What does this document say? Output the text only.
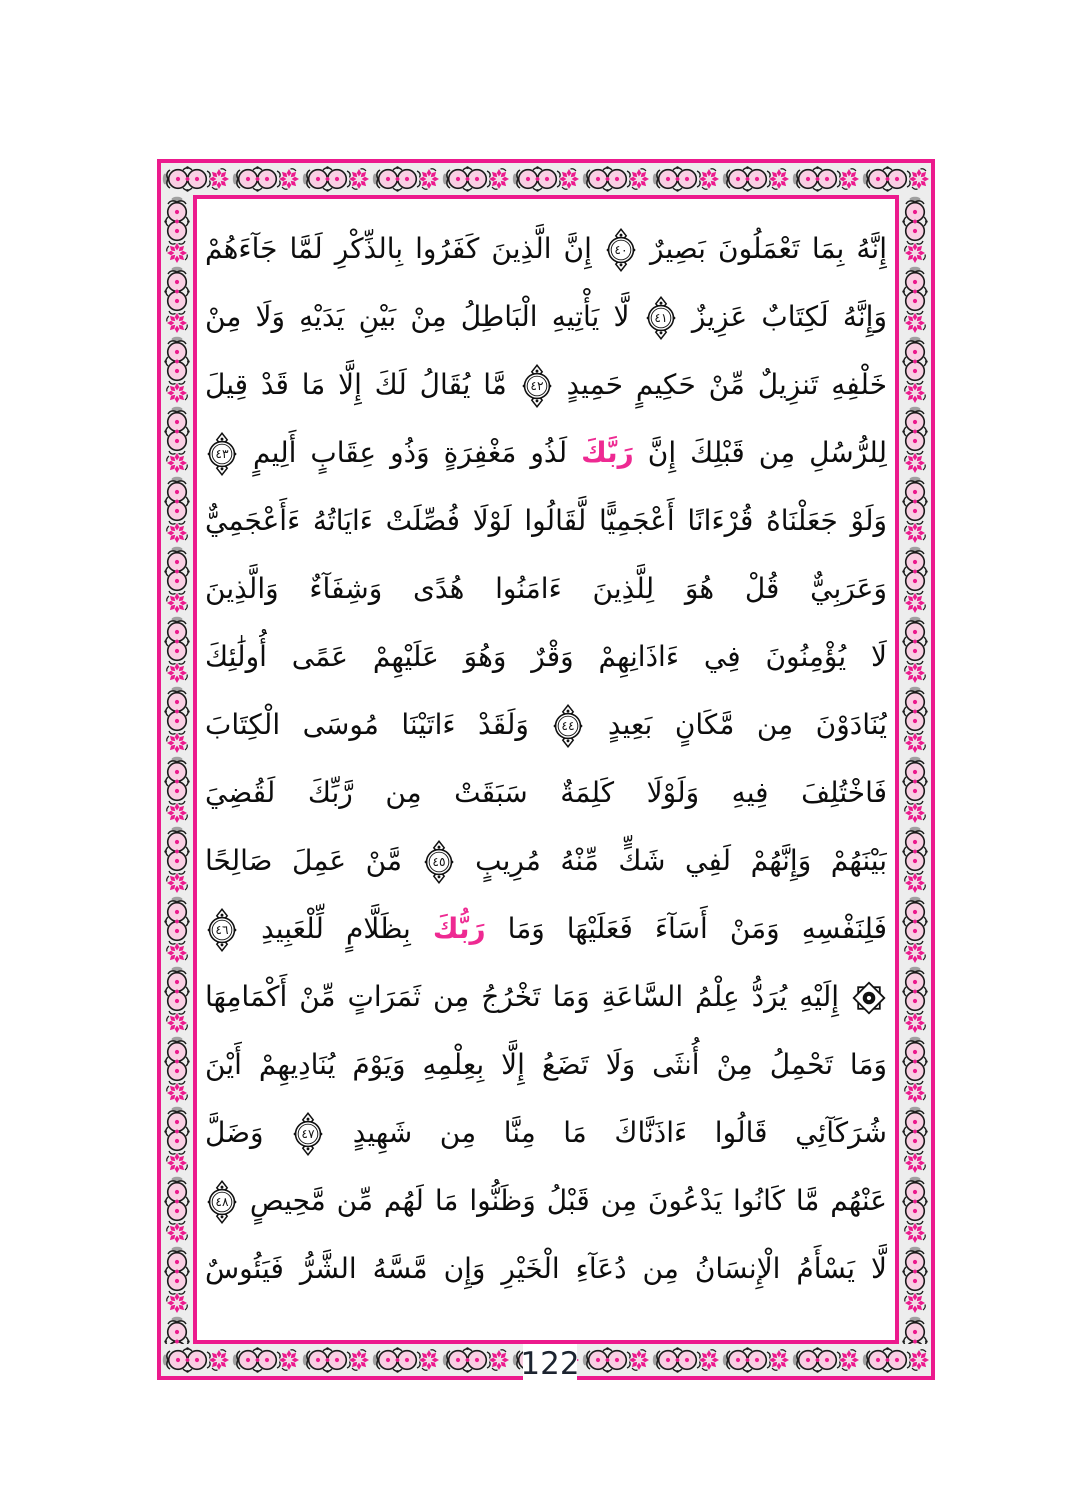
إِنَّهُ بِمَا تَعْمَلُونَ بَصِيرٌ
٤٠
إِنَّ الَّذِينَ كَفَرُوا بِالذِّكْرِ لَمَّا جَآءَهُمْ
وَإِنَّهُ لَكِتَابٌ عَزِيزٌ
٤١
لَّا يَأْتِيهِ الْبَاطِلُ مِنْ بَيْنِ يَدَيْهِ وَلَا مِنْ
خَلْفِهِ تَنزِيلٌ مِّنْ حَكِيمٍ حَمِيدٍ
٤٢
مَّا يُقَالُ لَكَ إِلَّا مَا قَدْ قِيلَ
لِلرُّسُلِ مِن قَبْلِكَ إِنَّ رَبَّكَ لَذُو مَغْفِرَةٍ وَذُو عِقَابٍ أَلِيمٍ
٤٣
وَلَوْ جَعَلْنَاهُ قُرْءَانًا أَعْجَمِيًّا لَّقَالُوا لَوْلَا فُصِّلَتْ ءَايَاتُهُ ءَأَعْجَمِيٌّ
وَعَرَبِيٌّ قُلْ هُوَ لِلَّذِينَ ءَامَنُوا هُدًى وَشِفَآءٌ وَالَّذِينَ
لَا يُؤْمِنُونَ فِي ءَاذَانِهِمْ وَقْرٌ وَهُوَ عَلَيْهِمْ عَمًى أُولَٰئِكَ
يُنَادَوْنَ مِن مَّكَانٍ بَعِيدٍ
٤٤
وَلَقَدْ ءَاتَيْنَا مُوسَى الْكِتَابَ
فَاخْتُلِفَ فِيهِ وَلَوْلَا كَلِمَةٌ سَبَقَتْ مِن رَّبِّكَ لَقُضِيَ
بَيْنَهُمْ وَإِنَّهُمْ لَفِي شَكٍّ مِّنْهُ مُرِيبٍ
٤٥
مَّنْ عَمِلَ صَالِحًا
فَلِنَفْسِهِ وَمَنْ أَسَآءَ فَعَلَيْهَا وَمَا رَبُّكَ بِظَلَّامٍ لِّلْعَبِيدِ
٤٦
إِلَيْهِ يُرَدُّ عِلْمُ السَّاعَةِ وَمَا تَخْرُجُ مِن ثَمَرَاتٍ مِّنْ أَكْمَامِهَا
وَمَا تَحْمِلُ مِنْ أُنثَى وَلَا تَضَعُ إِلَّا بِعِلْمِهِ وَيَوْمَ يُنَادِيهِمْ أَيْنَ
شُرَكَآئِي قَالُوا ءَاذَنَّاكَ مَا مِنَّا مِن شَهِيدٍ
٤٧
وَضَلَّ
عَنْهُم مَّا كَانُوا يَدْعُونَ مِن قَبْلُ وَظَنُّوا مَا لَهُم مِّن مَّحِيصٍ
٤٨
لَّا يَسْأَمُ الْإِنسَانُ مِن دُعَآءِ الْخَيْرِ وَإِن مَّسَّهُ الشَّرُّ فَيَئُوسٌ
122
